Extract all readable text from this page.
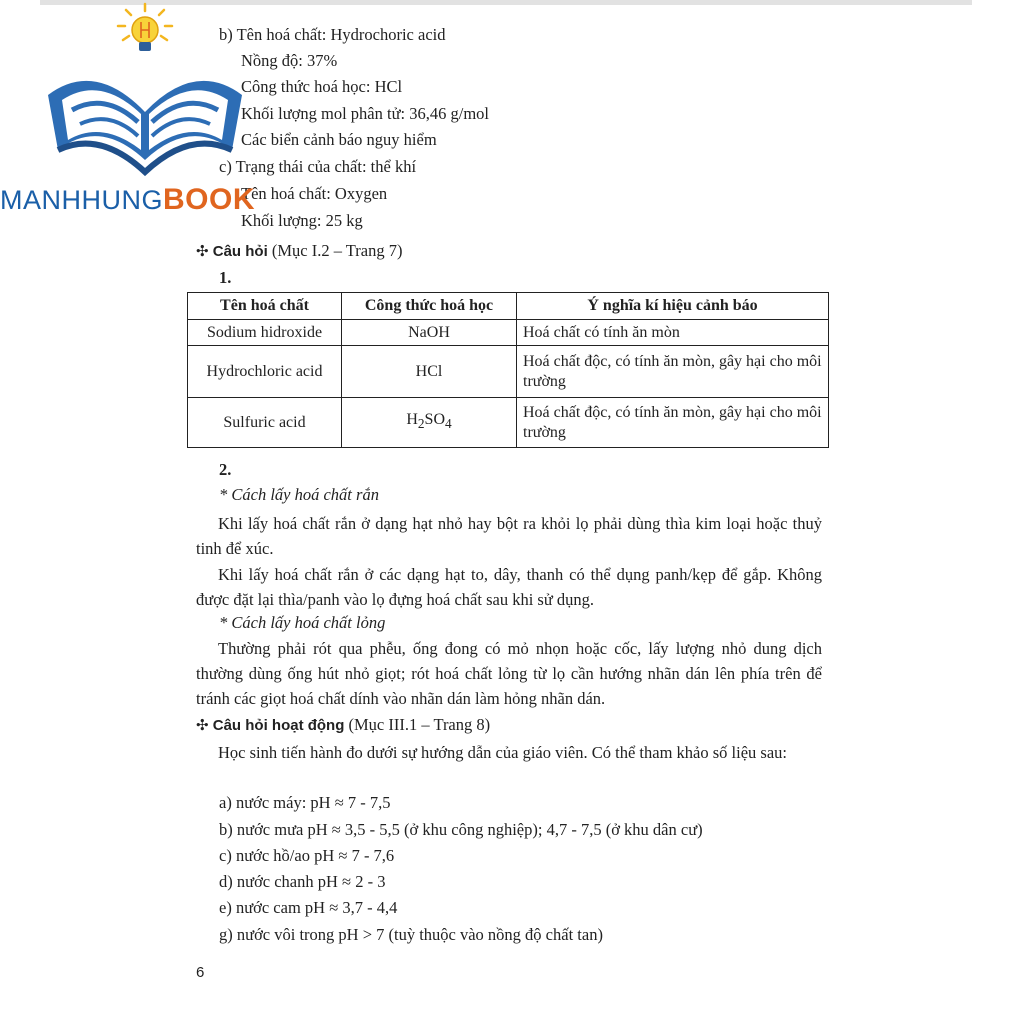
b) Tên hoá chất: Hydrochoric acid
Nồng độ: 37%
Công thức hoá học: HCl
Khối lượng mol phân tử: 36,46 g/mol
Các biển cảnh báo nguy hiểm
c) Trạng thái của chất: thể khí
Tên hoá chất: Oxygen
Khối lượng: 25 kg
MANHHUNGBOOK
✣ Câu hỏi (Mục I.2 – Trang 7)
1.
Tên hoá chất	Công thức hoá học	Ý nghĩa kí hiệu cảnh báo
Sodium hidroxide	NaOH	Hoá chất có tính ăn mòn
Hydrochloric acid	HCl	Hoá chất độc, có tính ăn mòn, gây hại cho môi trường
Sulfuric acid	$H_2SO_4$	Hoá chất độc, có tính ăn mòn, gây hại cho môi trường
2.
* Cách lấy hoá chất rắn
Khi lấy hoá chất rắn ở dạng hạt nhỏ hay bột ra khỏi lọ phải dùng thìa kim loại hoặc thuỷ tinh để xúc.
Khi lấy hoá chất rắn ở các dạng hạt to, dây, thanh có thể dụng panh/kẹp để gắp. Không được đặt lại thìa/panh vào lọ đựng hoá chất sau khi sử dụng.
* Cách lấy hoá chất lỏng
Thường phải rót qua phễu, ống đong có mỏ nhọn hoặc cốc, lấy lượng nhỏ dung dịch thường dùng ống hút nhỏ giọt; rót hoá chất lỏng từ lọ cần hướng nhãn dán lên phía trên để tránh các giọt hoá chất dính vào nhãn dán làm hỏng nhãn dán.
✣ Câu hỏi hoạt động (Mục III.1 – Trang 8)
Học sinh tiến hành đo dưới sự hướng dẫn của giáo viên. Có thể tham khảo số liệu sau:
a) nước máy: pH ≈ 7 - 7,5
b) nước mưa pH ≈ 3,5 - 5,5 (ở khu công nghiệp); 4,7 - 7,5 (ở khu dân cư)
c) nước hồ/ao pH ≈ 7 - 7,6
d) nước chanh pH ≈ 2 - 3
e) nước cam pH ≈ 3,7 - 4,4
g) nước vôi trong pH > 7 (tuỳ thuộc vào nồng độ chất tan)
6
